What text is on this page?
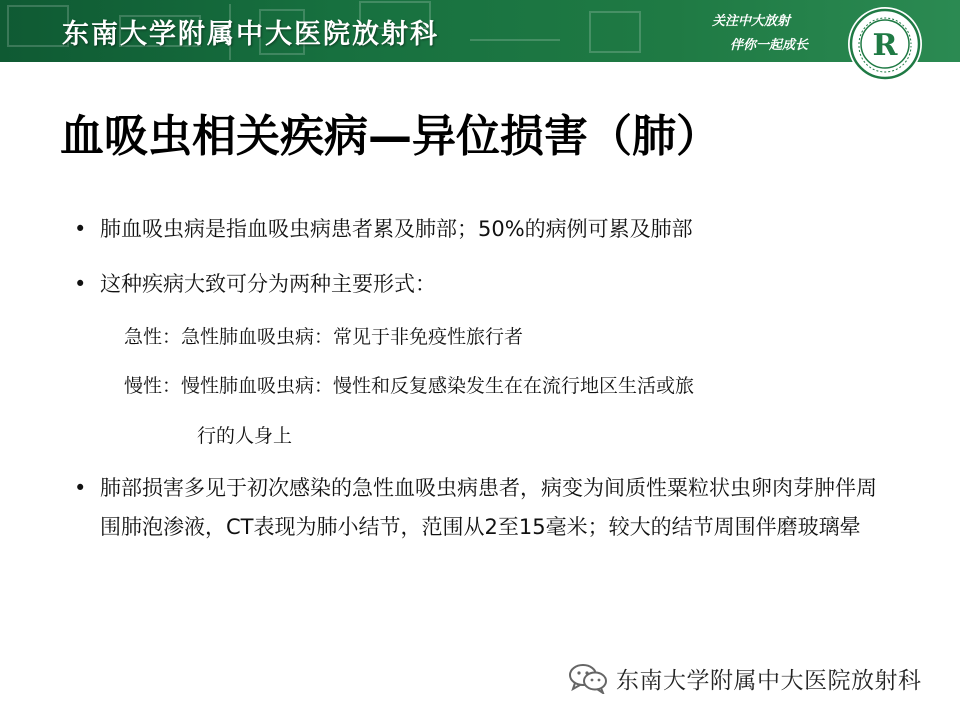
东南大学附属中大医院放射科	关注中大放射
伴你一起成长	R
血吸虫相关疾病—异位损害（肺）
• 肺血吸虫病是指血吸虫病患者累及肺部；50%的病例可累及肺部
• 这种疾病大致可分为两种主要形式：
急性：急性肺血吸虫病：常见于非免疫性旅行者
慢性：慢性肺血吸虫病：慢性和反复感染发生在在流行地区生活或旅
行的人身上
• 肺部损害多见于初次感染的急性血吸虫病患者，病变为间质性粟粒状虫卵肉芽肿伴周围肺泡渗液，CT表现为肺小结节，范围从2至15毫米；较大的结节周围伴磨玻璃晕
东南大学附属中大医院放射科
